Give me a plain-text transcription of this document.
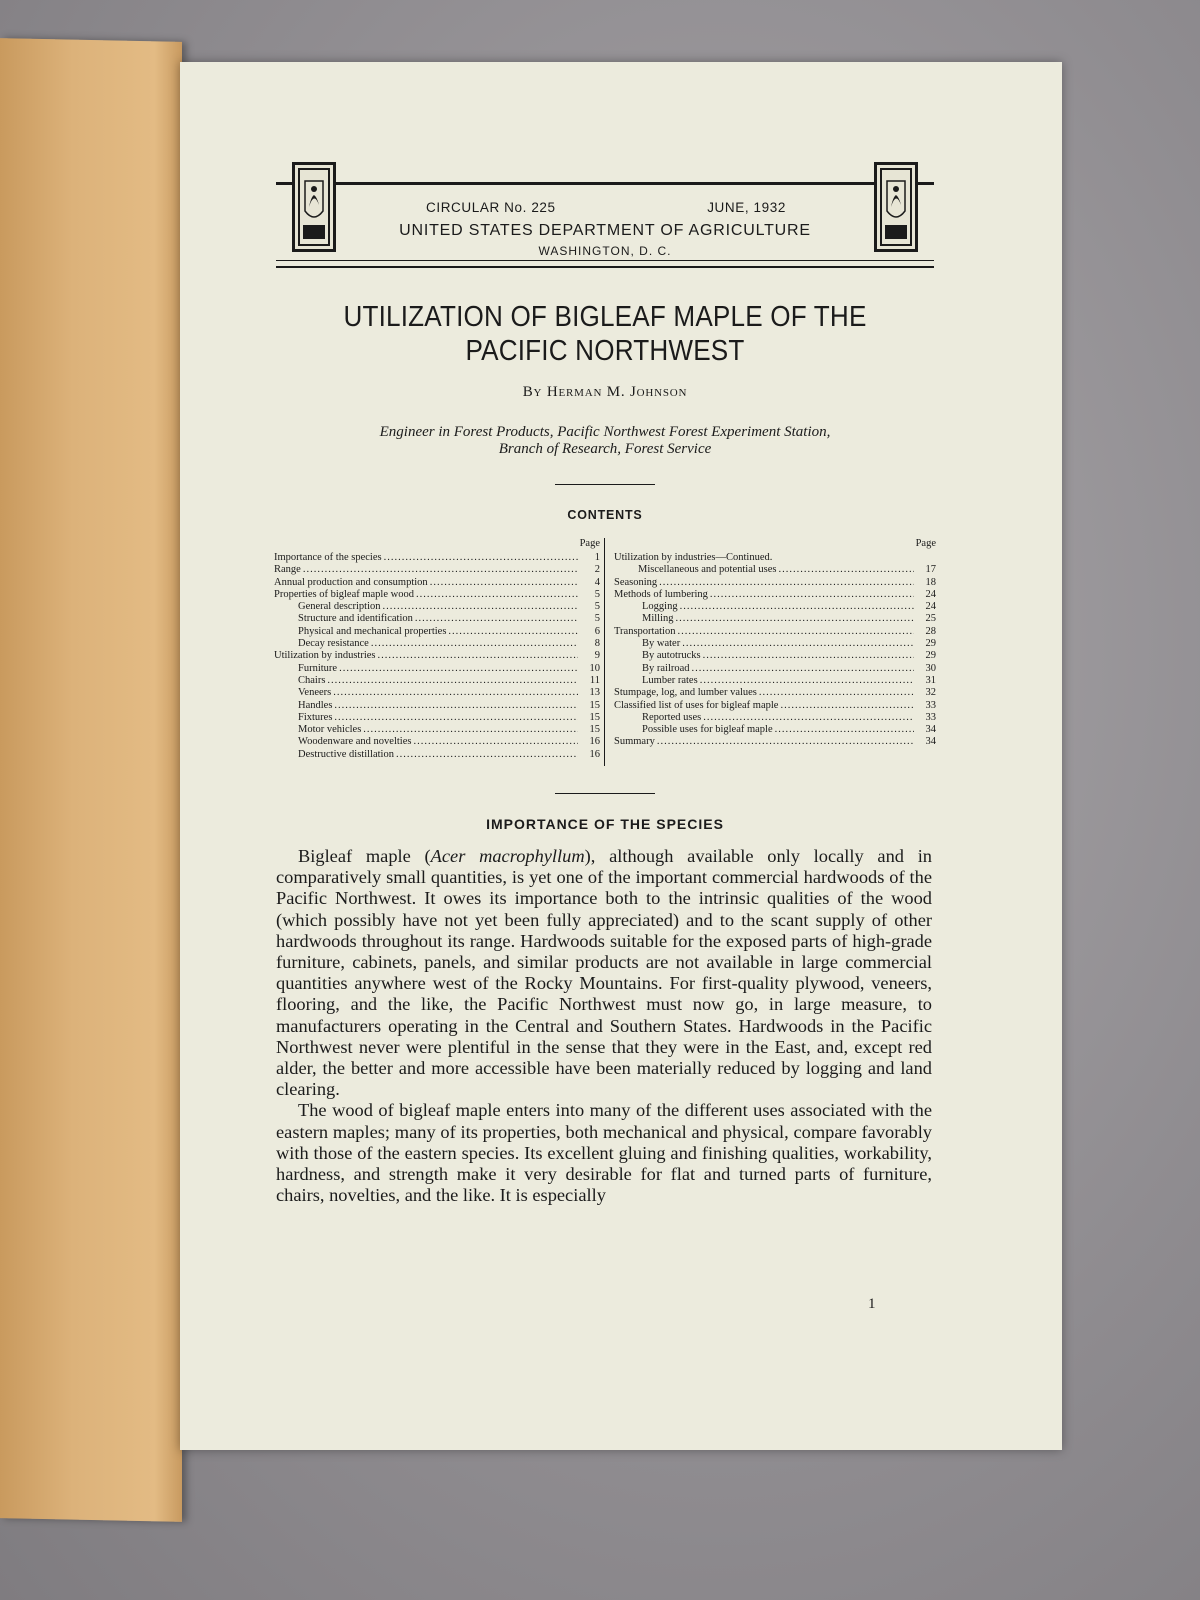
CIRCULAR No. 225	JUNE, 1932
UNITED STATES DEPARTMENT OF AGRICULTURE
WASHINGTON, D. C.
UTILIZATION OF BIGLEAF MAPLE OF THE
PACIFIC NORTHWEST
By Herman M. Johnson
Engineer in Forest Products, Pacific Northwest Forest Experiment Station,
Branch of Research, Forest Service
CONTENTS
Page
Importance of the species .....	1
Range .....	2
Annual production and consumption .....	4
Properties of bigleaf maple wood .....	5
General description .....	5
Structure and identification .....	5
Physical and mechanical properties .....	6
Decay resistance .....	8
Utilization by industries .....	9
Furniture .....	10
Chairs .....	11
Veneers .....	13
Handles .....	15
Fixtures .....	15
Motor vehicles .....	15
Woodenware and novelties .....	16
Destructive distillation .....	16
Page
Utilization by industries—Continued.
Miscellaneous and potential uses .....	17
Seasoning .....	18
Methods of lumbering .....	24
Logging .....	24
Milling .....	25
Transportation .....	28
By water .....	29
By autotrucks .....	29
By railroad .....	30
Lumber rates .....	31
Stumpage, log, and lumber values .....	32
Classified list of uses for bigleaf maple .....	33
Reported uses .....	33
Possible uses for bigleaf maple .....	34
Summary .....	34
IMPORTANCE OF THE SPECIES

Bigleaf maple (Acer macrophyllum), although available only locally and in comparatively small quantities, is yet one of the important commercial hardwoods of the Pacific Northwest. It owes its importance both to the intrinsic qualities of the wood (which possibly have not yet been fully appreciated) and to the scant supply of other hardwoods throughout its range. Hardwoods suitable for the exposed parts of high-grade furniture, cabinets, panels, and similar products are not available in large commercial quantities anywhere west of the Rocky Mountains. For first-quality plywood, veneers, flooring, and the like, the Pacific Northwest must now go, in large measure, to manufacturers operating in the Central and Southern States. Hardwoods in the Pacific Northwest never were plentiful in the sense that they were in the East, and, except red alder, the better and more accessible have been materially reduced by logging and land clearing.

The wood of bigleaf maple enters into many of the different uses associated with the eastern maples; many of its properties, both mechanical and physical, compare favorably with those of the eastern species. Its excellent gluing and finishing qualities, workability, hardness, and strength make it very desirable for flat and turned parts of furniture, chairs, novelties, and the like. It is especially

1
